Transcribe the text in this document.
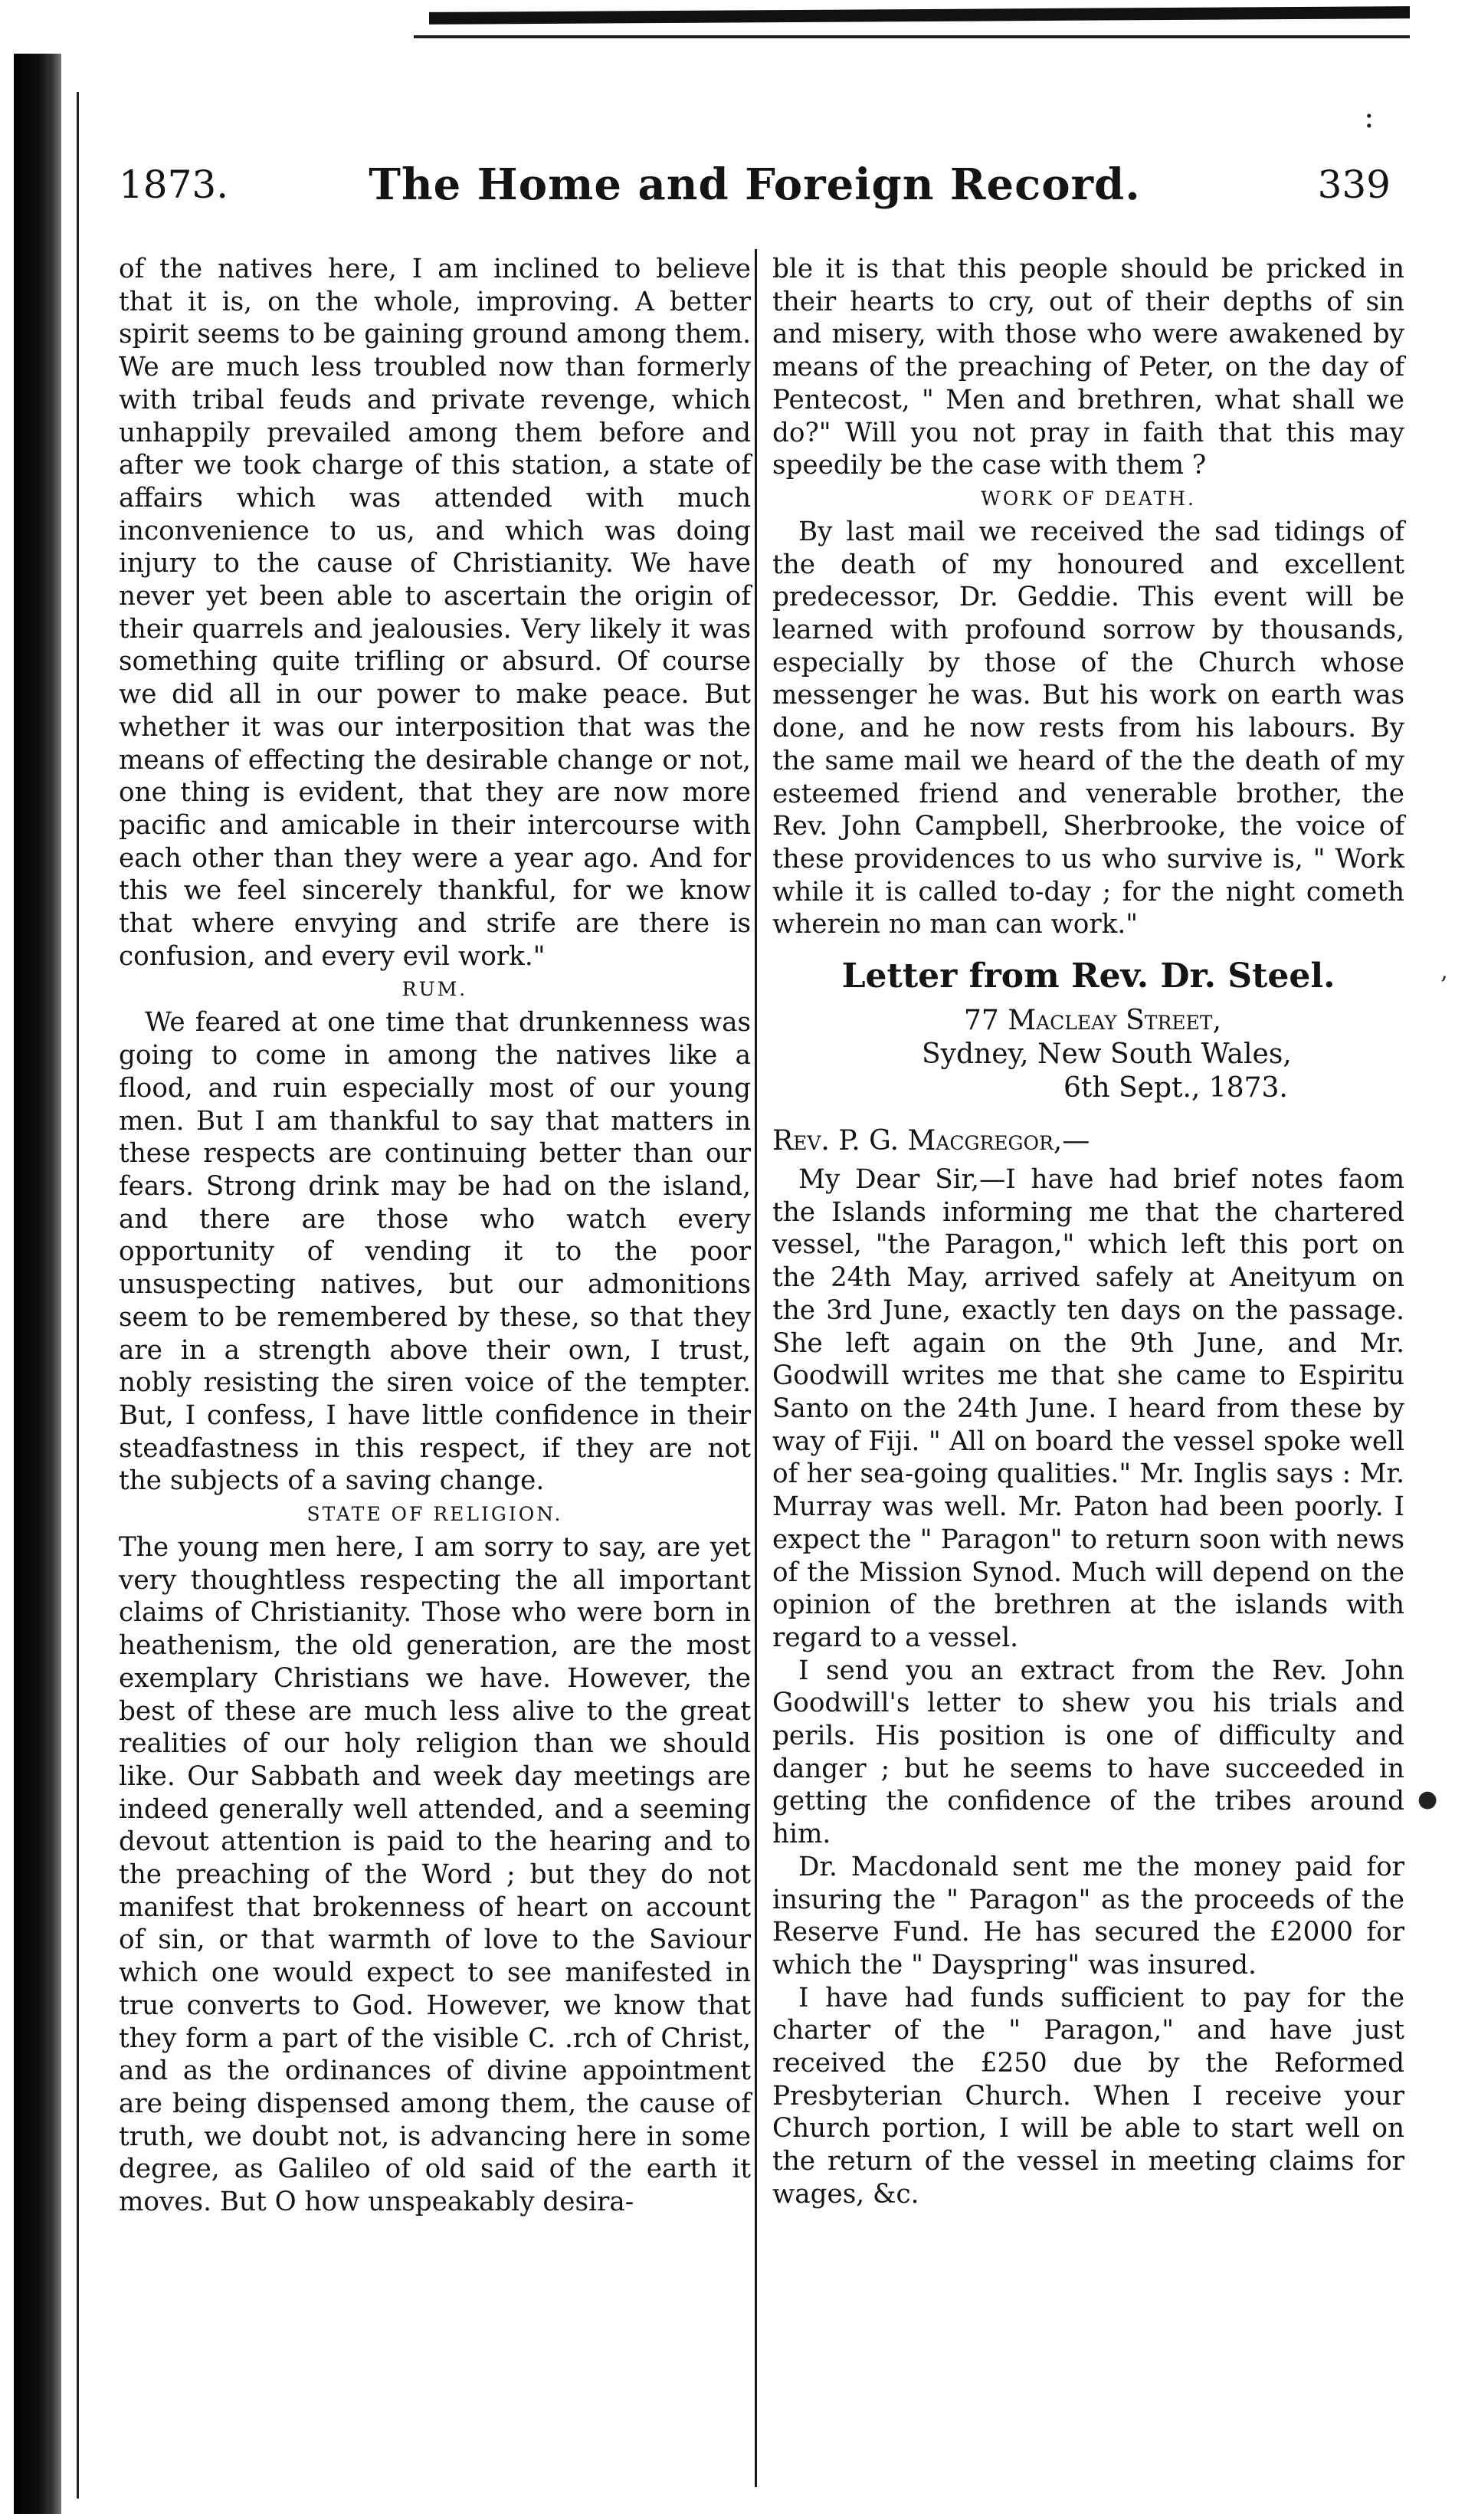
:
‚
●
1873.	The Home and Foreign Record.	339

of the natives here, I am inclined to believe that it is, on the whole, improving. A better spirit seems to be gaining ground among them. We are much less troubled now than formerly with tribal feuds and private revenge, which unhappily prevailed among them before and after we took charge of this station, a state of affairs which was attended with much inconvenience to us, and which was doing injury to the cause of Christianity. We have never yet been able to ascertain the origin of their quarrels and jealousies. Very likely it was something quite trifling or absurd. Of course we did all in our power to make peace. But whether it was our interposition that was the means of effecting the desirable change or not, one thing is evident, that they are now more pacific and amicable in their intercourse with each other than they were a year ago. And for this we feel sincerely thankful, for we know that where envying and strife are there is confusion, and every evil work."

RUM.

We feared at one time that drunkenness was going to come in among the natives like a flood, and ruin especially most of our young men. But I am thankful to say that matters in these respects are continuing better than our fears. Strong drink may be had on the island, and there are those who watch every opportunity of vending it to the poor unsuspecting natives, but our admonitions seem to be remembered by these, so that they are in a strength above their own, I trust, nobly resisting the siren voice of the tempter. But, I confess, I have little confidence in their steadfastness in this respect, if they are not the subjects of a saving change.

STATE OF RELIGION.

The young men here, I am sorry to say, are yet very thoughtless respecting the all important claims of Christianity. Those who were born in heathenism, the old generation, are the most exemplary Christians we have. However, the best of these are much less alive to the great realities of our holy religion than we should like. Our Sabbath and week day meetings are indeed generally well attended, and a seeming devout attention is paid to the hearing and to the preaching of the Word ; but they do not manifest that brokenness of heart on account of sin, or that warmth of love to the Saviour which one would expect to see manifested in true converts to God. However, we know that they form a part of the visible C. .rch of Christ, and as the ordinances of divine appointment are being dispensed among them, the cause of truth, we doubt not, is advancing here in some degree, as Galileo of old said of the earth it moves. But O how unspeakably desira-

ble it is that this people should be pricked in their hearts to cry, out of their depths of sin and misery, with those who were awakened by means of the preaching of Peter, on the day of Pentecost, " Men and brethren, what shall we do?" Will you not pray in faith that this may speedily be the case with them ?

WORK OF DEATH.

By last mail we received the sad tidings of the death of my honoured and excellent predecessor, Dr. Geddie. This event will be learned with profound sorrow by thousands, especially by those of the Church whose messenger he was. But his work on earth was done, and he now rests from his labours. By the same mail we heard of the the death of my esteemed friend and venerable brother, the Rev. John Campbell, Sherbrooke, the voice of these providences to us who survive is, " Work while it is called to-day ; for the night cometh wherein no man can work."

Letter from Rev. Dr. Steel.
77 Macleay Street,
Sydney, New South Wales,
6th Sept., 1873.
Rev. P. G. Macgregor,—

My Dear Sir,—I have had brief notes faom the Islands informing me that the chartered vessel, "the Paragon," which left this port on the 24th May, arrived safely at Aneityum on the 3rd June, exactly ten days on the passage. She left again on the 9th June, and Mr. Goodwill writes me that she came to Espiritu Santo on the 24th June. I heard from these by way of Fiji. " All on board the vessel spoke well of her sea-going qualities." Mr. Inglis says : Mr. Murray was well. Mr. Paton had been poorly. I expect the " Paragon" to return soon with news of the Mission Synod. Much will depend on the opinion of the brethren at the islands with regard to a vessel.

I send you an extract from the Rev. John Goodwill's letter to shew you his trials and perils. His position is one of difficulty and danger ; but he seems to have succeeded in getting the confidence of the tribes around him.

Dr. Macdonald sent me the money paid for insuring the " Paragon" as the proceeds of the Reserve Fund. He has secured the £2000 for which the " Dayspring" was insured.

I have had funds sufficient to pay for the charter of the " Paragon," and have just received the £250 due by the Reformed Presbyterian Church. When I receive your Church portion, I will be able to start well on the return of the vessel in meeting claims for wages, &c.
